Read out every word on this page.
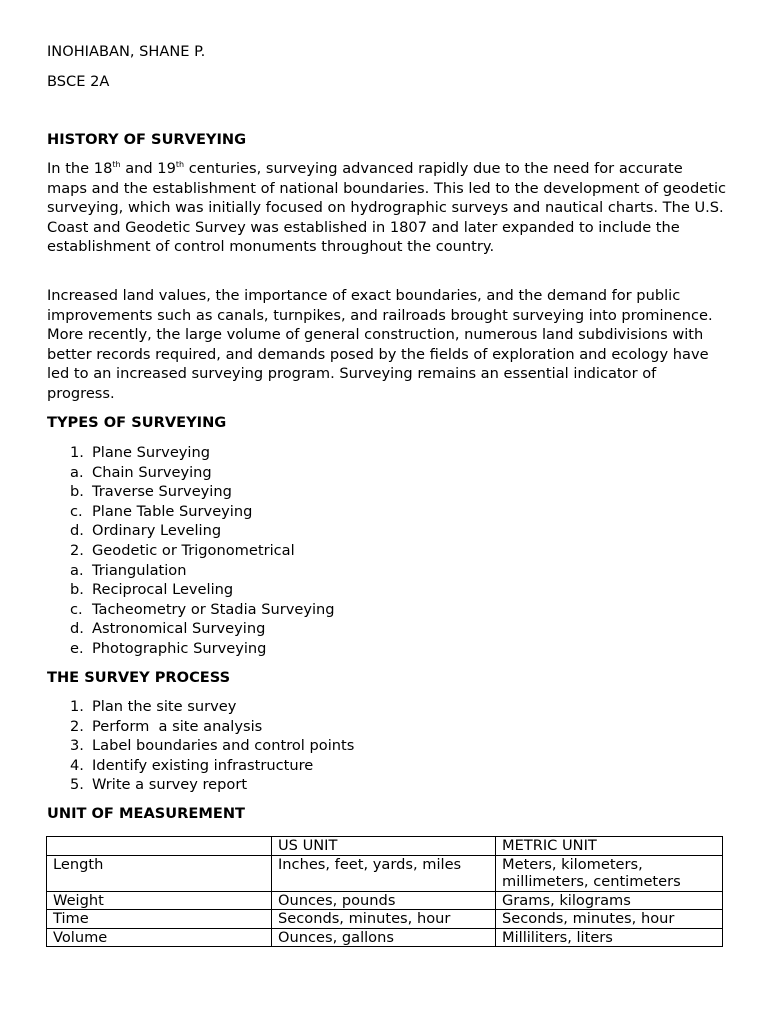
INOHIABAN, SHANE P.
BSCE 2A
HISTORY OF SURVEYING

In the 18th and 19th centuries, surveying advanced rapidly due to the need for accurate maps and the establishment of national boundaries. This led to the development of geodetic surveying, which was initially focused on hydrographic surveys and nautical charts. The U.S. Coast and Geodetic Survey was established in 1807 and later expanded to include the establishment of control monuments throughout the country.

Increased land values, the importance of exact boundaries, and the demand for public improvements such as canals, turnpikes, and railroads brought surveying into prominence. More recently, the large volume of general construction, numerous land subdivisions with better records required, and demands posed by the fields of exploration and ecology have led to an increased surveying program. Surveying remains an essential indicator of progress.

TYPES OF SURVEYING
1. Plane Surveying
a. Chain Surveying
b. Traverse Surveying
c. Plane Table Surveying
d. Ordinary Leveling
2. Geodetic or Trigonometrical
a. Triangulation
b. Reciprocal Leveling
c. Tacheometry or Stadia Surveying
d. Astronomical Surveying
e. Photographic Surveying
THE SURVEY PROCESS
1. Plan the site survey
2. Perform  a site analysis
3. Label boundaries and control points
4. Identify existing infrastructure
5. Write a survey report
UNIT OF MEASUREMENT
	US UNIT	METRIC UNIT
Length	Inches, feet, yards, miles	Meters, kilometers, millimeters, centimeters
Weight	Ounces, pounds	Grams, kilograms
Time	Seconds, minutes, hour	Seconds, minutes, hour
Volume	Ounces, gallons	Milliliters, liters
